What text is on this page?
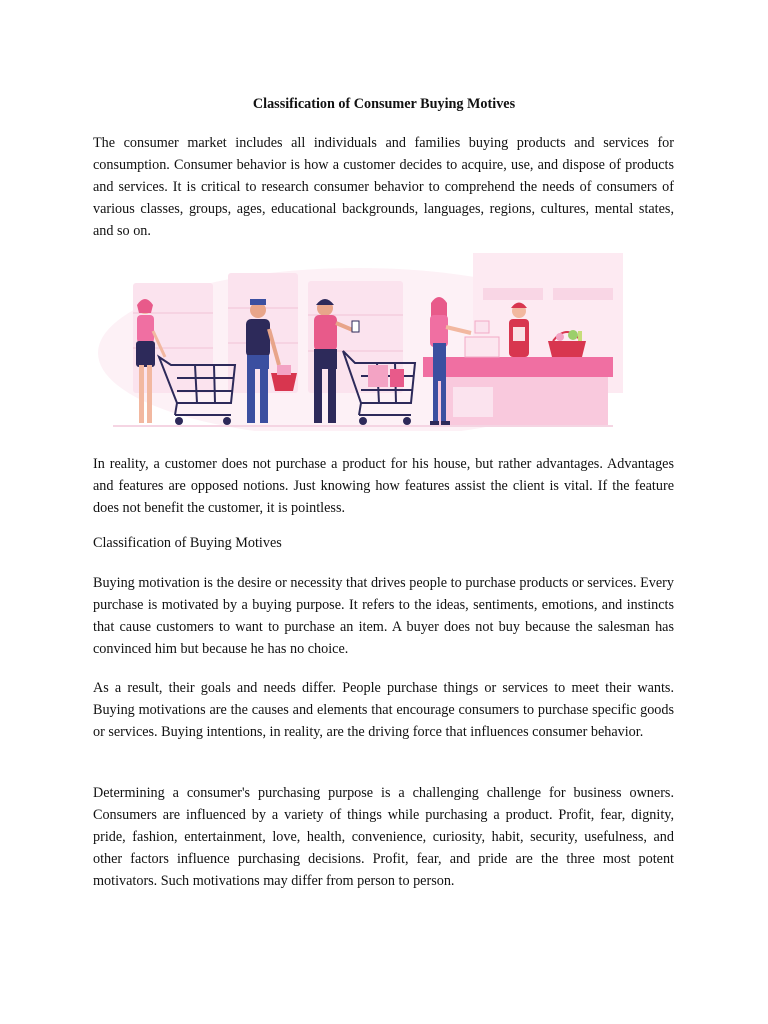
Classification of Consumer Buying Motives

The consumer market includes all individuals and families buying products and services for consumption. Consumer behavior is how a customer decides to acquire, use, and dispose of products and services. It is critical to research consumer behavior to comprehend the needs of consumers of various classes, groups, ages, educational backgrounds, languages, regions, cultures, mental states, and so on.

In reality, a customer does not purchase a product for his house, but rather advantages. Advantages and features are opposed notions. Just knowing how features assist the client is vital. If the feature does not benefit the customer, it is pointless.

Classification of Buying Motives

Buying motivation is the desire or necessity that drives people to purchase products or services. Every purchase is motivated by a buying purpose. It refers to the ideas, sentiments, emotions, and instincts that cause customers to want to purchase an item. A buyer does not buy because the salesman has convinced him but because he has no choice.

As a result, their goals and needs differ. People purchase things or services to meet their wants. Buying motivations are the causes and elements that encourage consumers to purchase specific goods or services. Buying intentions, in reality, are the driving force that influences consumer behavior.

Determining a consumer's purchasing purpose is a challenging challenge for business owners. Consumers are influenced by a variety of things while purchasing a product. Profit, fear, dignity, pride, fashion, entertainment, love, health, convenience, curiosity, habit, security, usefulness, and other factors influence purchasing decisions. Profit, fear, and pride are the three most potent motivators. Such motivations may differ from person to person.
